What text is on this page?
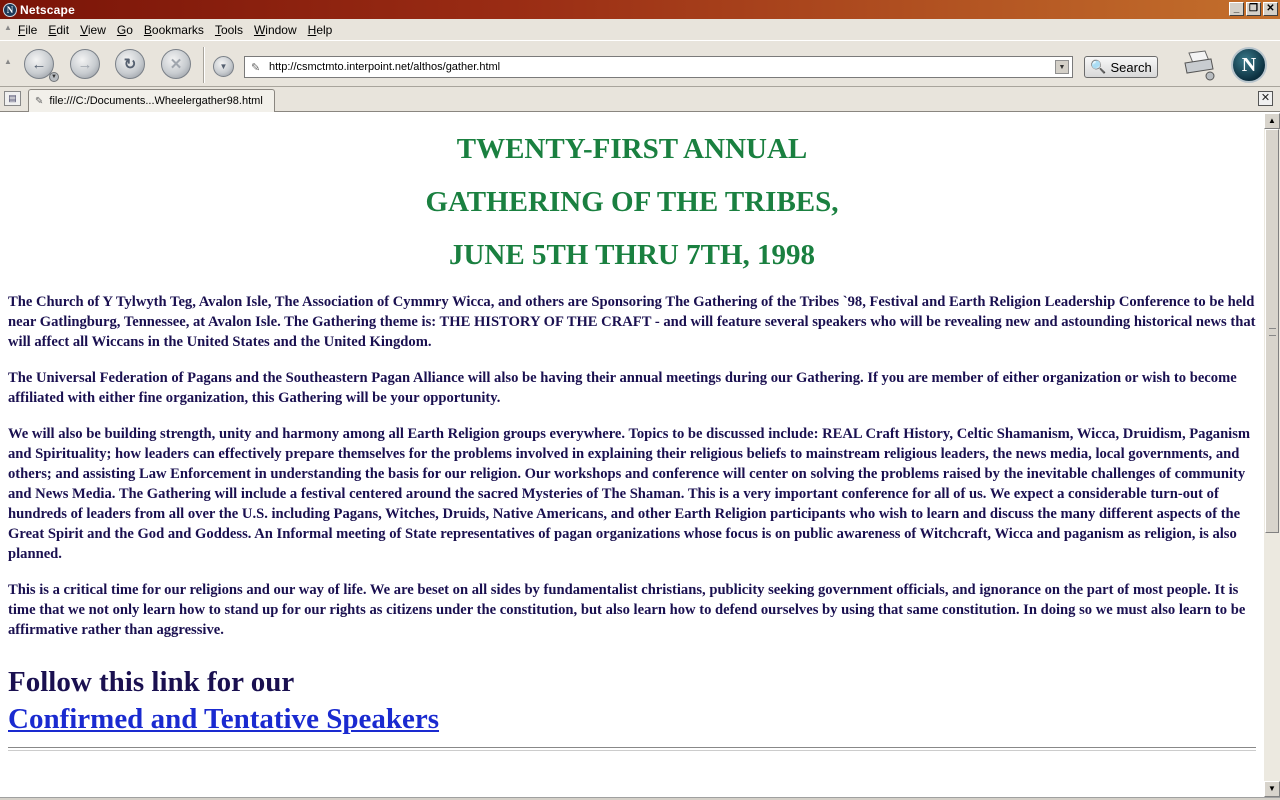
N Netscape	_ ❐ ✕
▲ File Edit View Go Bookmarks Tools Window Help
▲ ←
▼
→ ↻ ✕	▼ ✎
http://csmctmto.interpoint.net/althos/gather.html	▼ 🔍 Search	N
▤	✎ file:///C:/Documents...Wheelergather98.html	✕
TWENTY-FIRST ANNUAL
GATHERING OF THE TRIBES,
JUNE 5TH THRU 7TH, 1998

The Church of Y Tylwyth Teg, Avalon Isle, The Association of Cymmry Wicca, and others are Sponsoring The Gathering of the Tribes `98, Festival and Earth Religion Leadership Conference to be held near Gatlingburg, Tennessee, at Avalon Isle. The Gathering theme is: THE HISTORY OF THE CRAFT - and will feature several speakers who will be revealing new and astounding historical news that will affect all Wiccans in the United States and the United Kingdom.

The Universal Federation of Pagans and the Southeastern Pagan Alliance will also be having their annual meetings during our Gathering. If you are member of either organization or wish to become affiliated with either fine organization, this Gathering will be your opportunity.

We will also be building strength, unity and harmony among all Earth Religion groups everywhere. Topics to be discussed include: REAL Craft History, Celtic Shamanism, Wicca, Druidism, Paganism and Spirituality; how leaders can effectively prepare themselves for the problems involved in explaining their religious beliefs to mainstream religious leaders, the news media, local governments, and others; and assisting Law Enforcement in understanding the basis for our religion. Our workshops and conference will center on solving the problems raised by the inevitable challenges of community and News Media. The Gathering will include a festival centered around the sacred Mysteries of The Shaman. This is a very important conference for all of us. We expect a considerable turn-out of hundreds of leaders from all over the U.S. including Pagans, Witches, Druids, Native Americans, and other Earth Religion participants who wish to learn and discuss the many different aspects of the Great Spirit and the God and Goddess. An Informal meeting of State representatives of pagan organizations whose focus is on public awareness of Witchcraft, Wicca and paganism as religion, is also planned.

This is a critical time for our religions and our way of life. We are beset on all sides by fundamentalist christians, publicity seeking government officials, and ignorance on the part of most people. It is time that we not only learn how to stand up for our rights as citizens under the constitution, but also learn how to defend ourselves by using that same constitution. In doing so we must also learn to be affirmative rather than aggressive.

Follow this link for our
Confirmed and Tentative Speakers
▲
▼
